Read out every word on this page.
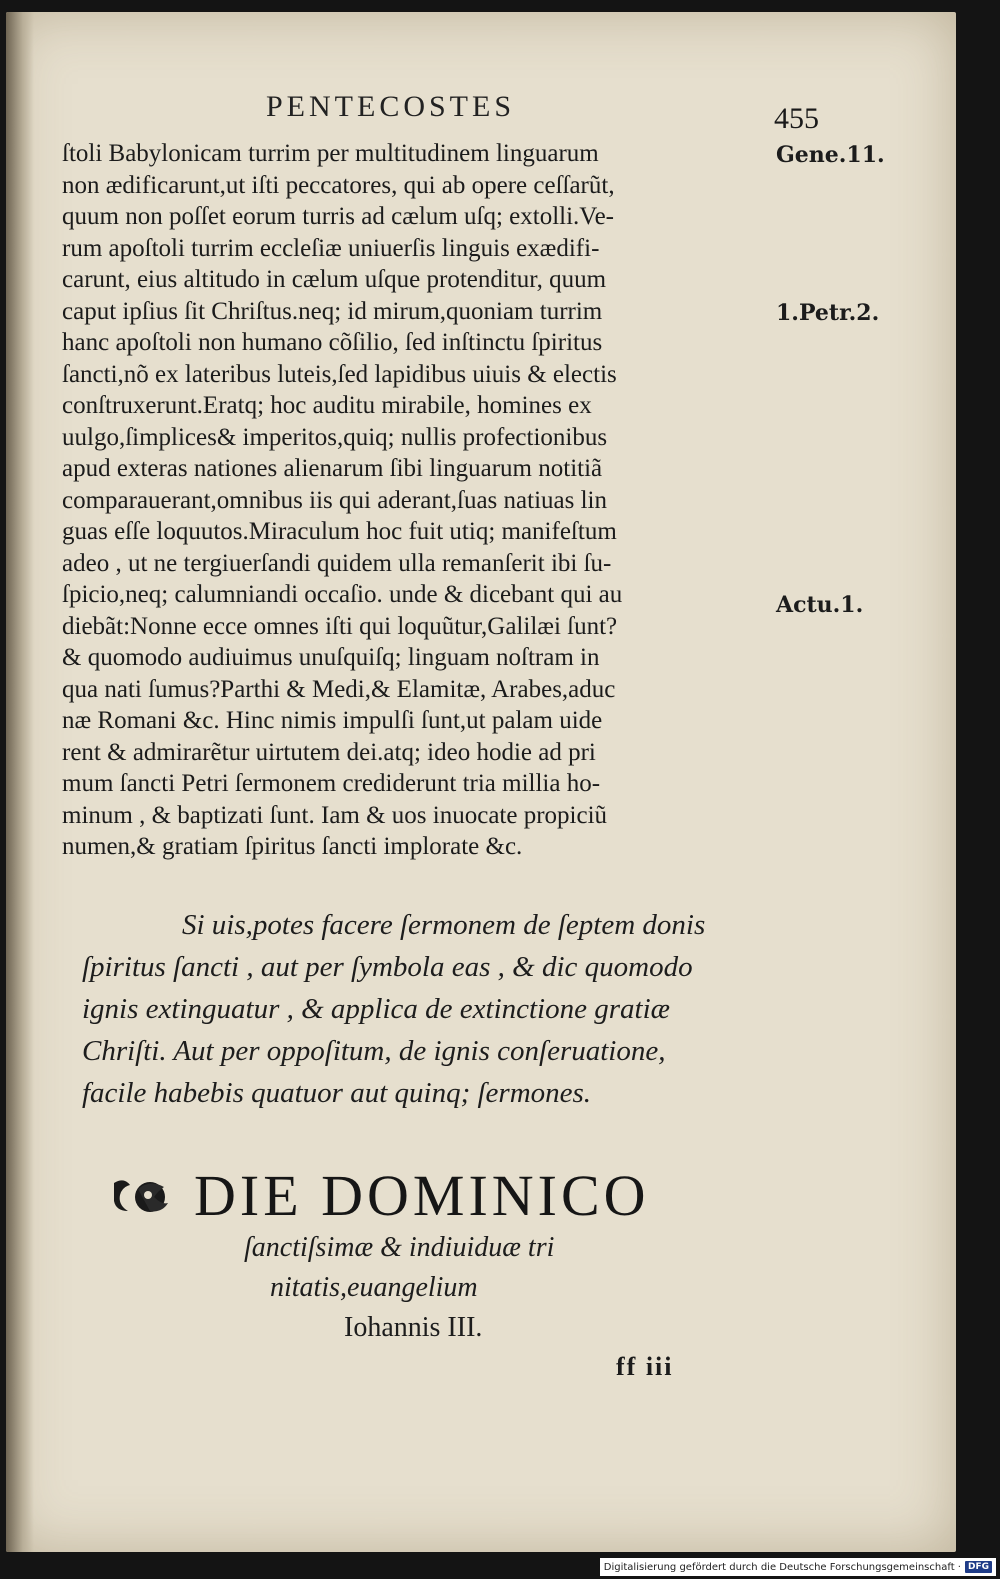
PENTECOSTES	455
ſtoli Babylonicam turrim per multitudinem linguarum
non ædificarunt,ut iſti peccatores, qui ab opere ceſſarũt,
quum non poſſet eorum turris ad cælum uſq; extolli.Ve-
rum apoſtoli turrim eccleſiæ uniuerſis linguis exædifi-
carunt, eius altitudo in cælum uſque protenditur, quum
caput ipſius ſit Chriſtus.neq; id mirum,quoniam turrim
hanc apoſtoli non humano cõſilio, ſed inſtinctu ſpiritus
ſancti,nõ ex lateribus luteis,ſed lapidibus uiuis & electis
conſtruxerunt.Eratq; hoc auditu mirabile, homines ex
uulgo,ſimplices& imperitos,quiq; nullis profectionibus
apud exteras nationes alienarum ſibi linguarum notitiã
comparauerant,omnibus iis qui aderant,ſuas natiuas lin
guas eſſe loquutos.Miraculum hoc fuit utiq; manifeſtum
adeo , ut ne tergiuerſandi quidem ulla remanſerit ibi ſu-
ſpicio,neq; calumniandi occaſio. unde & dicebant qui au
diebãt:Nonne ecce omnes iſti qui loquũtur,Galilæi ſunt?
& quomodo audiuimus unuſquiſq; linguam noſtram in
qua nati ſumus?Parthi & Medi,& Elamitæ, Arabes,aduc
næ Romani &c. Hinc nimis impulſi ſunt,ut palam uide
rent & admirarẽtur uirtutem dei.atq; ideo hodie ad pri
mum ſancti Petri ſermonem crediderunt tria millia ho-
minum , & baptizati ſunt. Iam & uos inuocate propiciũ
numen,& gratiam ſpiritus ſancti implorate &c.
Gene.11.
1.Petr.2.
Actu.1.
Si uis,potes facere ſermonem de ſeptem donis
ſpiritus ſancti , aut per ſymbola eas , & dic quomodo
ignis extinguatur , & applica de extinctione gratiæ
Chriſti. Aut per oppoſitum, de ignis conſeruatione,
facile habebis quatuor aut quinq; ſermones.
DIE DOMINICO
ſanctiſsimæ & indiuiduæ tri
nitatis,euangelium
Iohannis III.
ff iii
Digitalisierung gefördert durch die Deutsche Forschungsgemeinschaft · DFG
